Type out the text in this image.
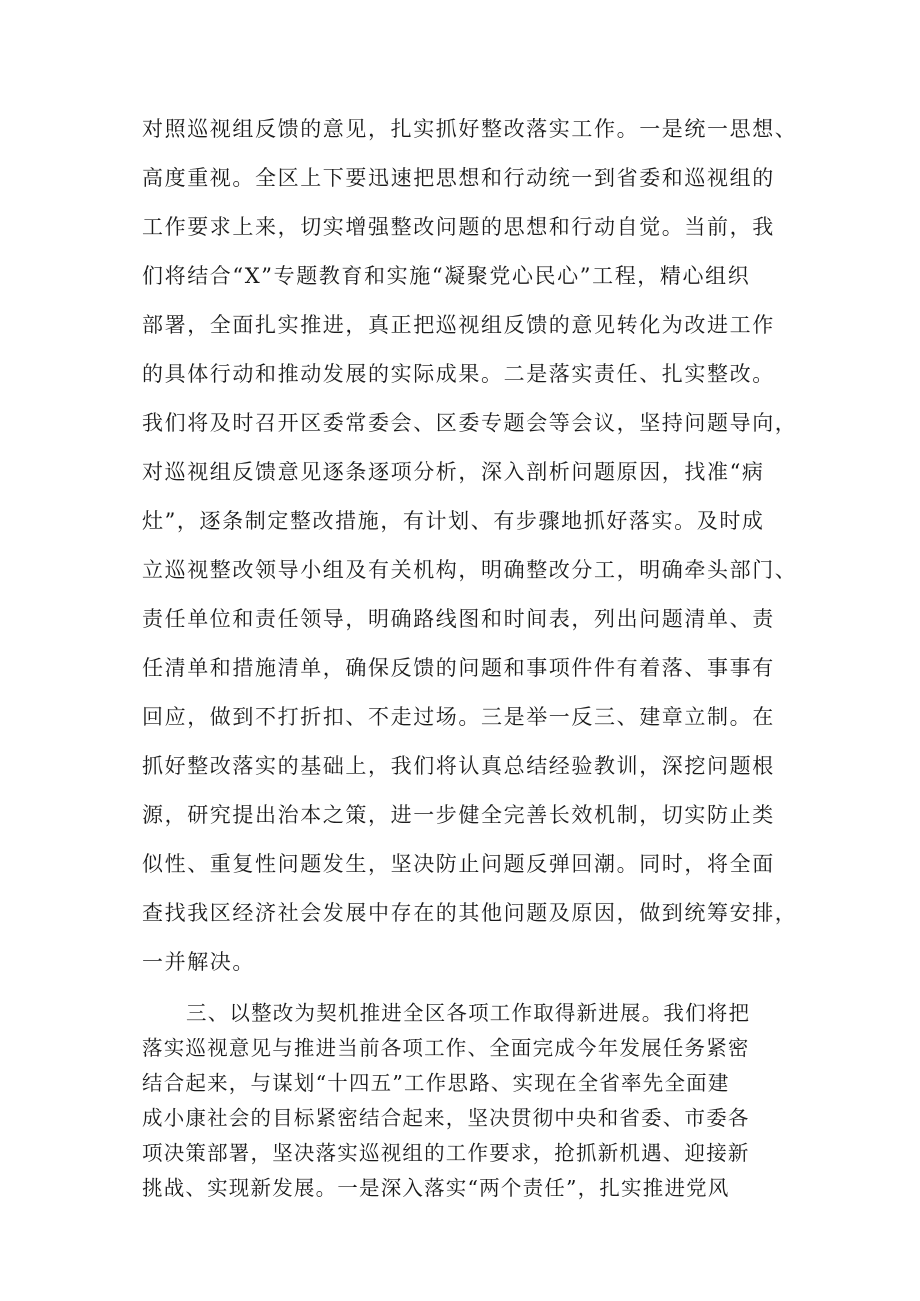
对照巡视组反馈的意见，扎实抓好整改落实工作。一是统一思想、
高度重视。全区上下要迅速把思想和行动统一到省委和巡视组的
工作要求上来，切实增强整改问题的思想和行动自觉。当前，我
们将结合“X”专题教育和实施“凝聚党心民心”工程，精心组织
部署，全面扎实推进，真正把巡视组反馈的意见转化为改进工作
的具体行动和推动发展的实际成果。二是落实责任、扎实整改。
我们将及时召开区委常委会、区委专题会等会议，坚持问题导向，
对巡视组反馈意见逐条逐项分析，深入剖析问题原因，找准“病
灶”，逐条制定整改措施，有计划、有步骤地抓好落实。及时成
立巡视整改领导小组及有关机构，明确整改分工，明确牵头部门、
责任单位和责任领导，明确路线图和时间表，列出问题清单、责
任清单和措施清单，确保反馈的问题和事项件件有着落、事事有
回应，做到不打折扣、不走过场。三是举一反三、建章立制。在
抓好整改落实的基础上，我们将认真总结经验教训，深挖问题根
源，研究提出治本之策，进一步健全完善长效机制，切实防止类
似性、重复性问题发生，坚决防止问题反弹回潮。同时，将全面
查找我区经济社会发展中存在的其他问题及原因，做到统筹安排，
一并解决。
三、以整改为契机推进全区各项工作取得新进展。我们将把
落实巡视意见与推进当前各项工作、全面完成今年发展任务紧密
结合起来，与谋划“十四五”工作思路、实现在全省率先全面建
成小康社会的目标紧密结合起来，坚决贯彻中央和省委、市委各
项决策部署，坚决落实巡视组的工作要求，抢抓新机遇、迎接新
挑战、实现新发展。一是深入落实“两个责任”，扎实推进党风
